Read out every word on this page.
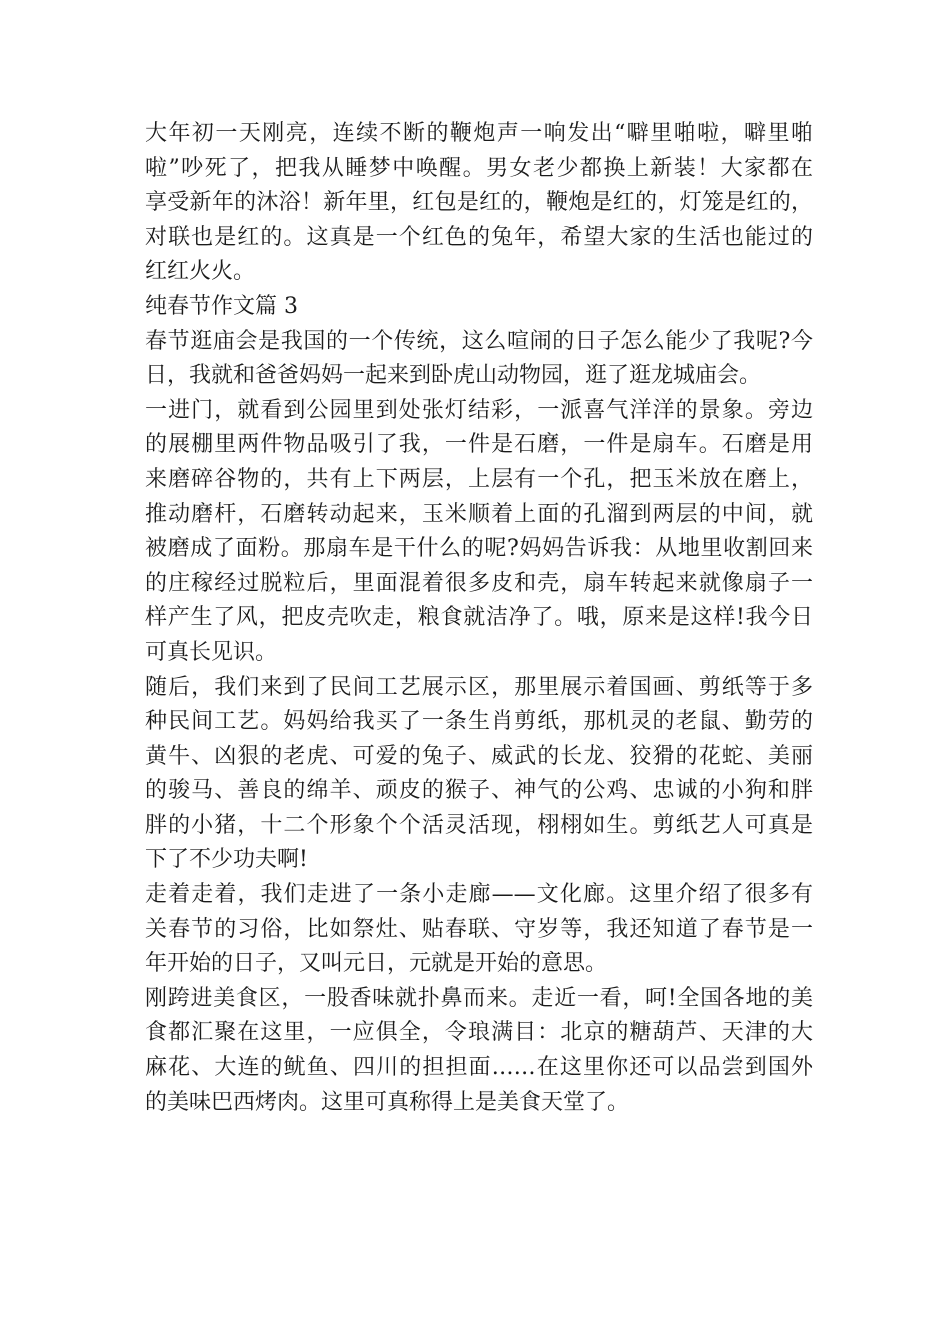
大年初一天刚亮，连续不断的鞭炮声一响发出“噼里啪啦，噼里啪
啦”吵死了，把我从睡梦中唤醒。男女老少都换上新装！大家都在
享受新年的沐浴！新年里，红包是红的，鞭炮是红的，灯笼是红的，
对联也是红的。这真是一个红色的兔年，希望大家的生活也能过的
红红火火。
纯春节作文篇 3
春节逛庙会是我国的一个传统，这么喧闹的日子怎么能少了我呢?今
日，我就和爸爸妈妈一起来到卧虎山动物园，逛了逛龙城庙会。
一进门，就看到公园里到处张灯结彩，一派喜气洋洋的景象。旁边
的展棚里两件物品吸引了我，一件是石磨，一件是扇车。石磨是用
来磨碎谷物的，共有上下两层，上层有一个孔，把玉米放在磨上，
推动磨杆，石磨转动起来，玉米顺着上面的孔溜到两层的中间，就
被磨成了面粉。那扇车是干什么的呢?妈妈告诉我：从地里收割回来
的庄稼经过脱粒后，里面混着很多皮和壳，扇车转起来就像扇子一
样产生了风，把皮壳吹走，粮食就洁净了。哦，原来是这样!我今日
可真长见识。
随后，我们来到了民间工艺展示区，那里展示着国画、剪纸等于多
种民间工艺。妈妈给我买了一条生肖剪纸，那机灵的老鼠、勤劳的
黄牛、凶狠的老虎、可爱的兔子、威武的长龙、狡猾的花蛇、美丽
的骏马、善良的绵羊、顽皮的猴子、神气的公鸡、忠诚的小狗和胖
胖的小猪，十二个形象个个活灵活现，栩栩如生。剪纸艺人可真是
下了不少功夫啊!
走着走着，我们走进了一条小走廊——文化廊。这里介绍了很多有
关春节的习俗，比如祭灶、贴春联、守岁等，我还知道了春节是一
年开始的日子，又叫元日，元就是开始的意思。
刚跨进美食区，一股香味就扑鼻而来。走近一看，呵!全国各地的美
食都汇聚在这里，一应俱全，令琅满目：北京的糖葫芦、天津的大
麻花、大连的鱿鱼、四川的担担面……在这里你还可以品尝到国外
的美味巴西烤肉。这里可真称得上是美食天堂了。
